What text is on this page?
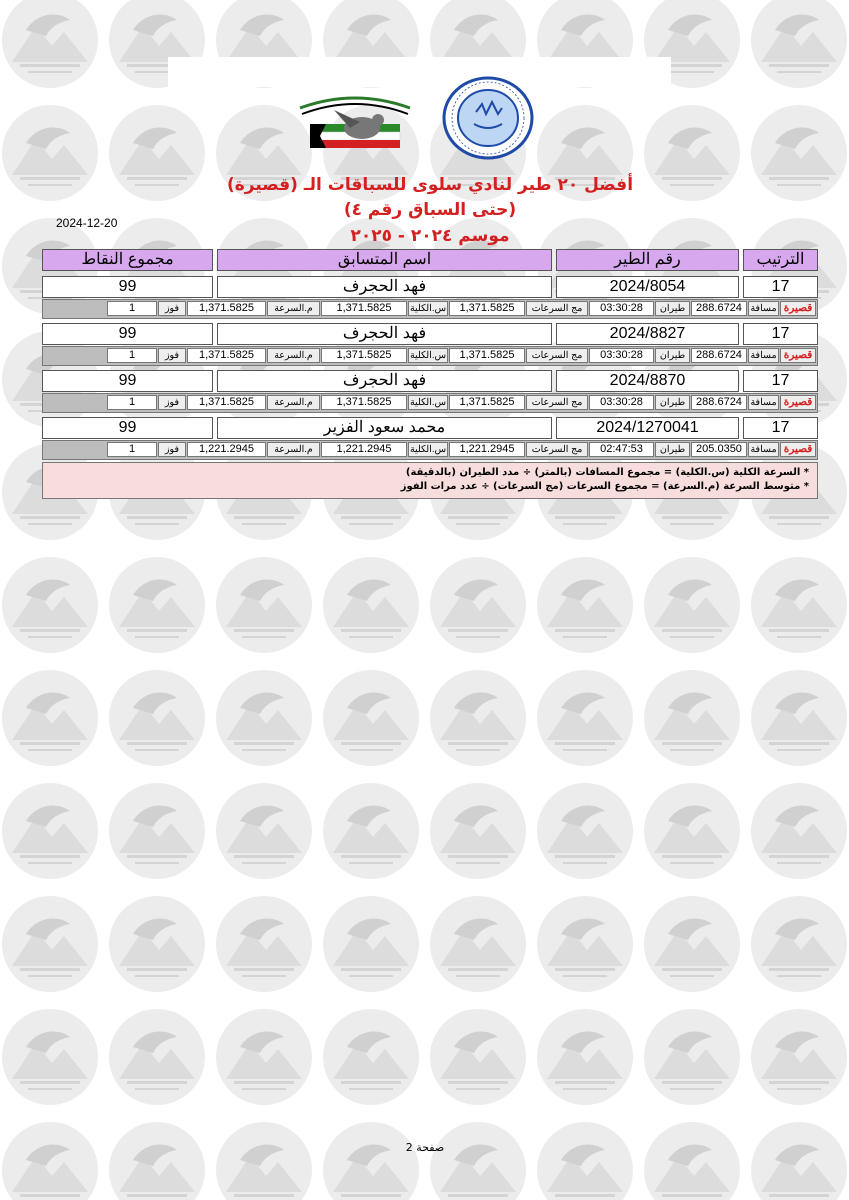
أفضل ٢٠ طير لنادي سلوى للسباقات الـ (قصيرة)
(حتى السباق رقم ٤)
موسم ٢٠٢٤ - ٢٠٢٥
2024-12-20
الترتيب
رقم الطير
اسم المتسابق
مجموع النقاط
17
2024/8054
فهد الحجرف
99
قصيرة
مسافة
288.6724
طيران
03:30:28
مج السرعات
1,371.5825
س.الكلية
1,371.5825
م.السرعة
1,371.5825
فوز
1
17
2024/8827
فهد الحجرف
99
قصيرة
مسافة
288.6724
طيران
03:30:28
مج السرعات
1,371.5825
س.الكلية
1,371.5825
م.السرعة
1,371.5825
فوز
1
17
2024/8870
فهد الحجرف
99
قصيرة
مسافة
288.6724
طيران
03:30:28
مج السرعات
1,371.5825
س.الكلية
1,371.5825
م.السرعة
1,371.5825
فوز
1
17
2024/1270041
محمد سعود الفزير
99
قصيرة
مسافة
205.0350
طيران
02:47:53
مج السرعات
1,221.2945
س.الكلية
1,221.2945
م.السرعة
1,221.2945
فوز
1
* السرعة الكلية (س.الكلية) = مجموع المسافات (بالمتر) ÷ مدد الطيران (بالدقيقة)
* متوسط السرعة (م.السرعة) = مجموع السرعات (مج السرعات) ÷ عدد مرات الفوز
صفحة 2
